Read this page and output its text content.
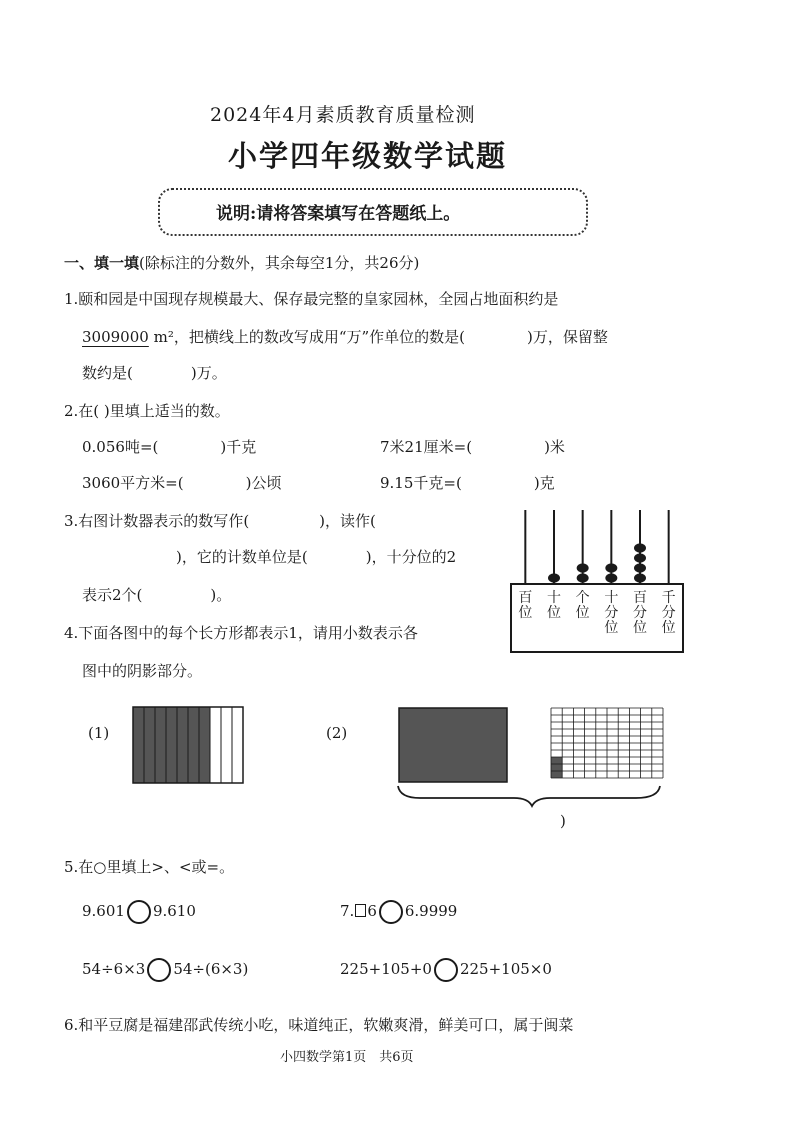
2024年4月素质教育质量检测
小学四年级数学试题
说明:请将答案填写在答题纸上。
一、填一填(除标注的分数外，其余每空1分，共26分)
1.颐和园是中国现存规模最大、保存最完整的皇家园林，全园占地面积约是
3009000 m²，把横线上的数改写成用“万”作单位的数是(	)万，保留整
数约是(	)万。
2.在( )里填上适当的数。
0.056吨=(	)千克	7米21厘米=(	)米
3060平方米=(	)公顷	9.15千克=(	)克
3.右图计数器表示的数写作(	)，读作(
)，它的计数单位是(	)，十分位的2
表示2个(	)。	百
位
十
位
个
位
十
分
位
百
分
位
千
分
位
4.下面各图中的每个长方形都表示1，请用小数表示各
图中的阴影部分。
(1)	(2)
)
5.在○里填上>、<或=。
9.601 9.610	7. 6 6.9999
54÷6×3 54÷(6×3)	225+105+0 225+105×0
6.和平豆腐是福建邵武传统小吃，味道纯正，软嫩爽滑，鲜美可口，属于闽菜
小四数学第1页　共6页
